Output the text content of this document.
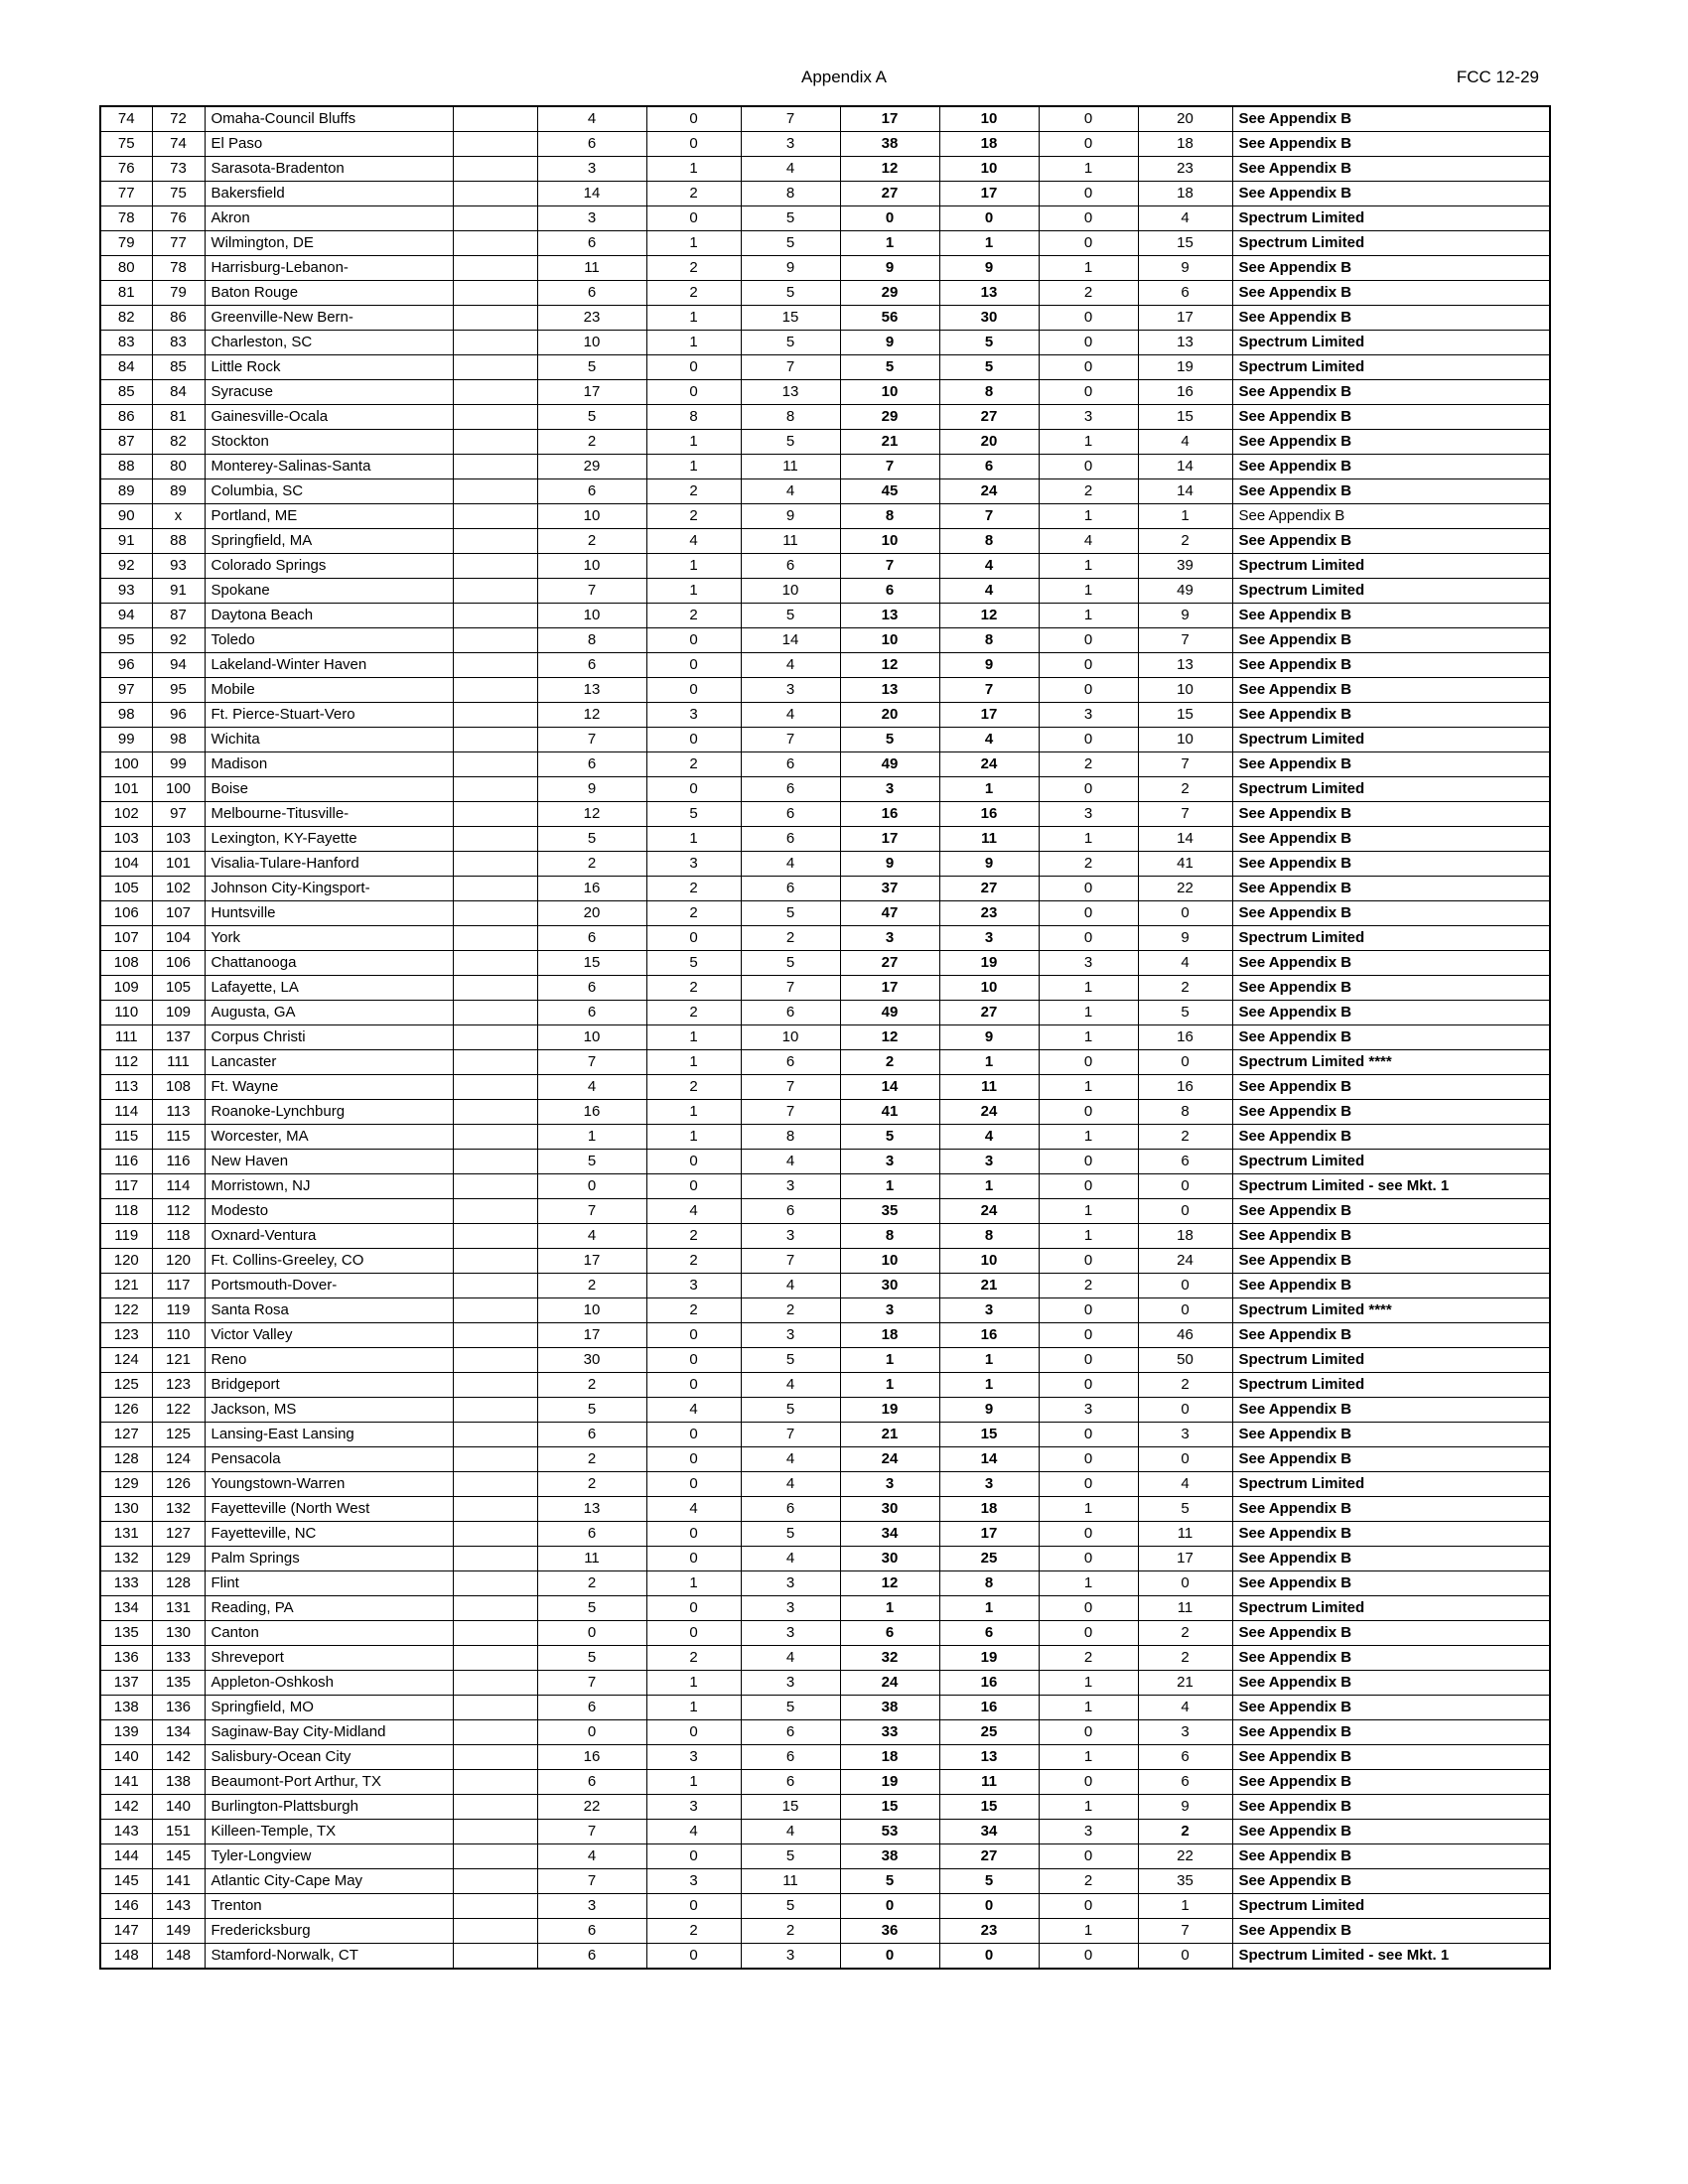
Appendix A	FCC 12-29
74	72	Omaha-Council Bluffs		4	0	7	17	10	0	20	See Appendix B
75	74	El Paso		6	0	3	38	18	0	18	See Appendix B
76	73	Sarasota-Bradenton		3	1	4	12	10	1	23	See Appendix B
77	75	Bakersfield		14	2	8	27	17	0	18	See Appendix B
78	76	Akron		3	0	5	0	0	0	4	Spectrum Limited
79	77	Wilmington, DE		6	1	5	1	1	0	15	Spectrum Limited
80	78	Harrisburg-Lebanon-		11	2	9	9	9	1	9	See Appendix B
81	79	Baton Rouge		6	2	5	29	13	2	6	See Appendix B
82	86	Greenville-New Bern-		23	1	15	56	30	0	17	See Appendix B
83	83	Charleston, SC		10	1	5	9	5	0	13	Spectrum Limited
84	85	Little Rock		5	0	7	5	5	0	19	Spectrum Limited
85	84	Syracuse		17	0	13	10	8	0	16	See Appendix B
86	81	Gainesville-Ocala		5	8	8	29	27	3	15	See Appendix B
87	82	Stockton		2	1	5	21	20	1	4	See Appendix B
88	80	Monterey-Salinas-Santa		29	1	11	7	6	0	14	See Appendix B
89	89	Columbia, SC		6	2	4	45	24	2	14	See Appendix B
90	x	Portland, ME		10	2	9	8	7	1	1	See Appendix B
91	88	Springfield, MA		2	4	11	10	8	4	2	See Appendix B
92	93	Colorado Springs		10	1	6	7	4	1	39	Spectrum Limited
93	91	Spokane		7	1	10	6	4	1	49	Spectrum Limited
94	87	Daytona Beach		10	2	5	13	12	1	9	See Appendix B
95	92	Toledo		8	0	14	10	8	0	7	See Appendix B
96	94	Lakeland-Winter Haven		6	0	4	12	9	0	13	See Appendix B
97	95	Mobile		13	0	3	13	7	0	10	See Appendix B
98	96	Ft. Pierce-Stuart-Vero		12	3	4	20	17	3	15	See Appendix B
99	98	Wichita		7	0	7	5	4	0	10	Spectrum Limited
100	99	Madison		6	2	6	49	24	2	7	See Appendix B
101	100	Boise		9	0	6	3	1	0	2	Spectrum Limited
102	97	Melbourne-Titusville-		12	5	6	16	16	3	7	See Appendix B
103	103	Lexington, KY-Fayette		5	1	6	17	11	1	14	See Appendix B
104	101	Visalia-Tulare-Hanford		2	3	4	9	9	2	41	See Appendix B
105	102	Johnson City-Kingsport-		16	2	6	37	27	0	22	See Appendix B
106	107	Huntsville		20	2	5	47	23	0	0	See Appendix B
107	104	York		6	0	2	3	3	0	9	Spectrum Limited
108	106	Chattanooga		15	5	5	27	19	3	4	See Appendix B
109	105	Lafayette, LA		6	2	7	17	10	1	2	See Appendix B
110	109	Augusta, GA		6	2	6	49	27	1	5	See Appendix B
111	137	Corpus Christi		10	1	10	12	9	1	16	See Appendix B
112	111	Lancaster		7	1	6	2	1	0	0	Spectrum Limited ****
113	108	Ft. Wayne		4	2	7	14	11	1	16	See Appendix B
114	113	Roanoke-Lynchburg		16	1	7	41	24	0	8	See Appendix B
115	115	Worcester, MA		1	1	8	5	4	1	2	See Appendix B
116	116	New Haven		5	0	4	3	3	0	6	Spectrum Limited
117	114	Morristown, NJ		0	0	3	1	1	0	0	Spectrum Limited - see Mkt. 1
118	112	Modesto		7	4	6	35	24	1	0	See Appendix B
119	118	Oxnard-Ventura		4	2	3	8	8	1	18	See Appendix B
120	120	Ft. Collins-Greeley, CO		17	2	7	10	10	0	24	See Appendix B
121	117	Portsmouth-Dover-		2	3	4	30	21	2	0	See Appendix B
122	119	Santa Rosa		10	2	2	3	3	0	0	Spectrum Limited ****
123	110	Victor Valley		17	0	3	18	16	0	46	See Appendix B
124	121	Reno		30	0	5	1	1	0	50	Spectrum Limited
125	123	Bridgeport		2	0	4	1	1	0	2	Spectrum Limited
126	122	Jackson, MS		5	4	5	19	9	3	0	See Appendix B
127	125	Lansing-East Lansing		6	0	7	21	15	0	3	See Appendix B
128	124	Pensacola		2	0	4	24	14	0	0	See Appendix B
129	126	Youngstown-Warren		2	0	4	3	3	0	4	Spectrum Limited
130	132	Fayetteville (North West		13	4	6	30	18	1	5	See Appendix B
131	127	Fayetteville, NC		6	0	5	34	17	0	11	See Appendix B
132	129	Palm Springs		11	0	4	30	25	0	17	See Appendix B
133	128	Flint		2	1	3	12	8	1	0	See Appendix B
134	131	Reading, PA		5	0	3	1	1	0	11	Spectrum Limited
135	130	Canton		0	0	3	6	6	0	2	See Appendix B
136	133	Shreveport		5	2	4	32	19	2	2	See Appendix B
137	135	Appleton-Oshkosh		7	1	3	24	16	1	21	See Appendix B
138	136	Springfield, MO		6	1	5	38	16	1	4	See Appendix B
139	134	Saginaw-Bay City-Midland		0	0	6	33	25	0	3	See Appendix B
140	142	Salisbury-Ocean City		16	3	6	18	13	1	6	See Appendix B
141	138	Beaumont-Port Arthur, TX		6	1	6	19	11	0	6	See Appendix B
142	140	Burlington-Plattsburgh		22	3	15	15	15	1	9	See Appendix B
143	151	Killeen-Temple, TX		7	4	4	53	34	3	2	See Appendix B
144	145	Tyler-Longview		4	0	5	38	27	0	22	See Appendix B
145	141	Atlantic City-Cape May		7	3	11	5	5	2	35	See Appendix B
146	143	Trenton		3	0	5	0	0	0	1	Spectrum Limited
147	149	Fredericksburg		6	2	2	36	23	1	7	See Appendix B
148	148	Stamford-Norwalk, CT		6	0	3	0	0	0	0	Spectrum Limited - see Mkt. 1
